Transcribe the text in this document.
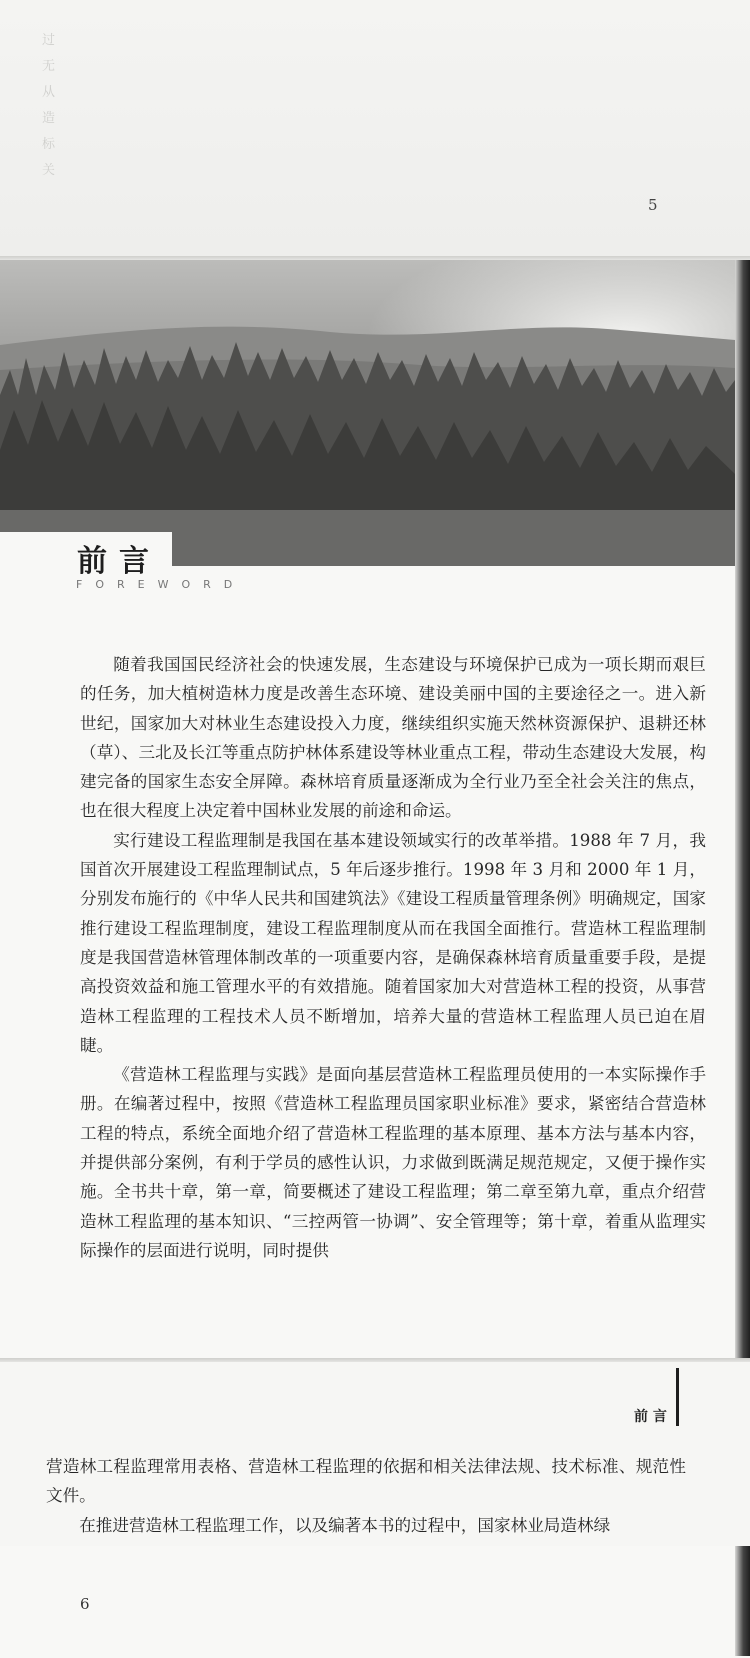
过
无
从
造
标
关
5
前言
FOREWORD

随着我国国民经济社会的快速发展，生态建设与环境保护已成为一项长期而艰巨的任务，加大植树造林力度是改善生态环境、建设美丽中国的主要途径之一。进入新世纪，国家加大对林业生态建设投入力度，继续组织实施天然林资源保护、退耕还林（草）、三北及长江等重点防护林体系建设等林业重点工程，带动生态建设大发展，构建完备的国家生态安全屏障。森林培育质量逐渐成为全行业乃至全社会关注的焦点，也在很大程度上决定着中国林业发展的前途和命运。

实行建设工程监理制是我国在基本建设领域实行的改革举措。1988 年 7 月，我国首次开展建设工程监理制试点，5 年后逐步推行。1998 年 3 月和 2000 年 1 月，分别发布施行的《中华人民共和国建筑法》《建设工程质量管理条例》明确规定，国家推行建设工程监理制度，建设工程监理制度从而在我国全面推行。营造林工程监理制度是我国营造林管理体制改革的一项重要内容，是确保森林培育质量重要手段，是提高投资效益和施工管理水平的有效措施。随着国家加大对营造林工程的投资，从事营造林工程监理的工程技术人员不断增加，培养大量的营造林工程监理人员已迫在眉睫。

《营造林工程监理与实践》是面向基层营造林工程监理员使用的一本实际操作手册。在编著过程中，按照《营造林工程监理员国家职业标准》要求，紧密结合营造林工程的特点，系统全面地介绍了营造林工程监理的基本原理、基本方法与基本内容，并提供部分案例，有利于学员的感性认识，力求做到既满足规范规定，又便于操作实施。全书共十章，第一章，简要概述了建设工程监理；第二章至第九章，重点介绍营造林工程监理的基本知识、“三控两管一协调”、安全管理等；第十章，着重从监理实际操作的层面进行说明，同时提供

6
前 言

营造林工程监理常用表格、营造林工程监理的依据和相关法律法规、技术标准、规范性文件。

在推进营造林工程监理工作，以及编著本书的过程中，国家林业局造林绿
